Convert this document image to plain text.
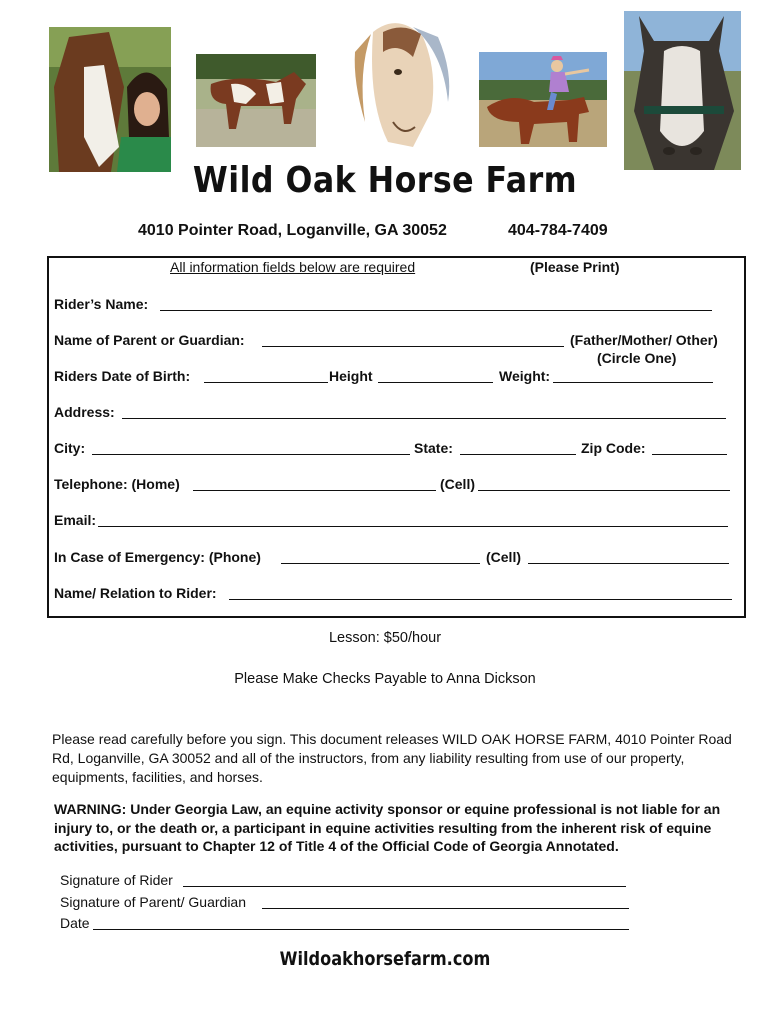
Wild Oak Horse Farm
4010 Pointer Road, Loganville, GA 30052	404-784-7409
All information fields below are required	(Please Print)
Rider’s Name:
Name of Parent or Guardian:	(Father/Mother/ Other)
(Circle One)
Riders Date of Birth:	Height	Weight:
Address:
City:	State:	Zip Code:
Telephone: (Home)	(Cell)
Email:
In Case of Emergency: (Phone)	(Cell)
Name/ Relation to Rider:
Lesson: $50/hour
Please Make Checks Payable to Anna Dickson
Please read carefully before you sign. This document releases WILD OAK HORSE FARM, 4010 Pointer Road Rd, Loganville, GA 30052 and all of the instructors, from any liability resulting from use of our property, equipments, facilities, and horses.
WARNING: Under Georgia Law, an equine activity sponsor or equine professional is not liable for an injury to, or the death or, a participant in equine activities resulting from the inherent risk of equine activities, pursuant to Chapter 12 of Title 4 of the Official Code of Georgia Annotated.
Signature of Rider
Signature of Parent/ Guardian
Date
Wildoakhorsefarm.com
